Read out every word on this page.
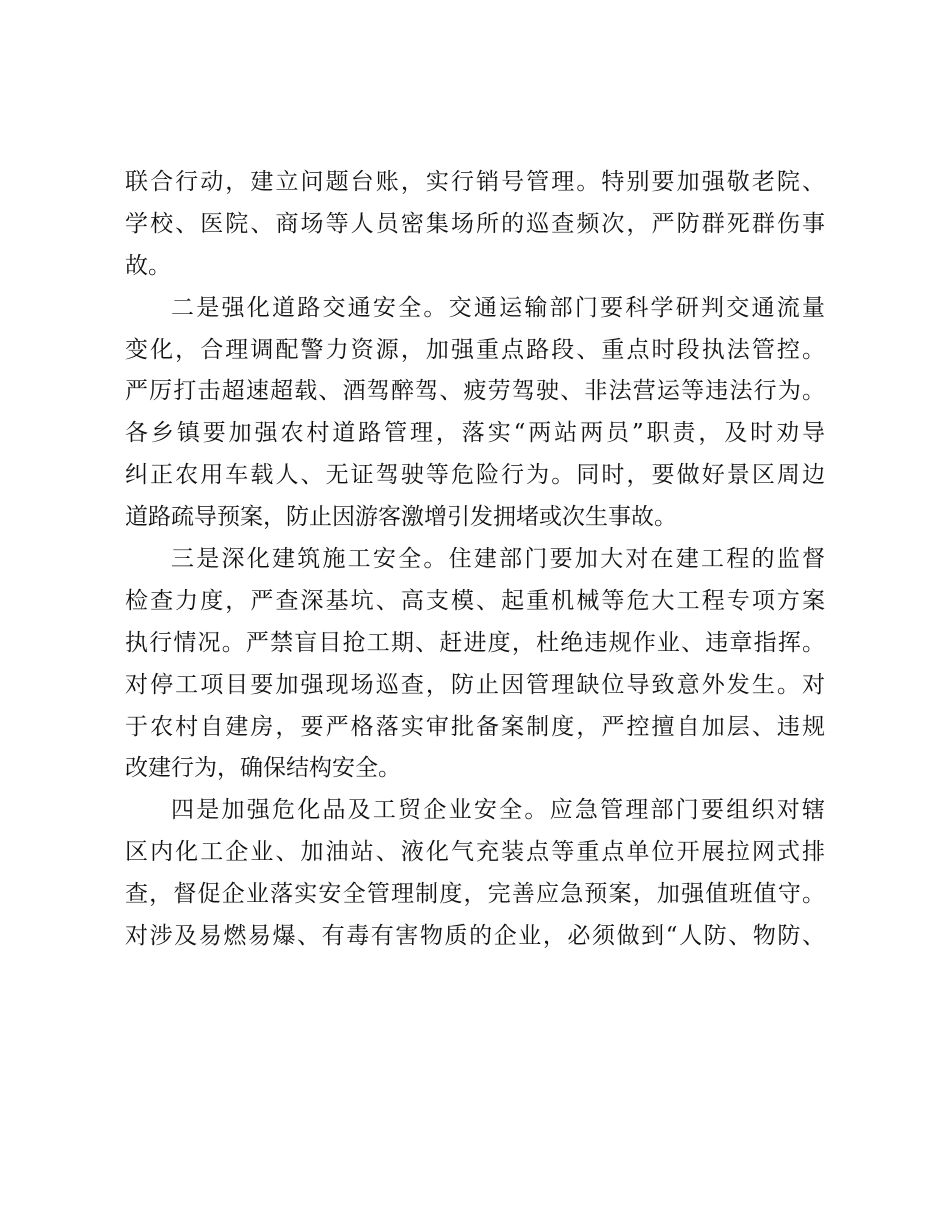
联合行动，建立问题台账，实行销号管理。特别要加强敬老院、
学校、医院、商场等人员密集场所的巡查频次，严防群死群伤事
故。
二是强化道路交通安全。交通运输部门要科学研判交通流量
变化，合理调配警力资源，加强重点路段、重点时段执法管控。
严厉打击超速超载、酒驾醉驾、疲劳驾驶、非法营运等违法行为。
各乡镇要加强农村道路管理，落实“两站两员”职责，及时劝导
纠正农用车载人、无证驾驶等危险行为。同时，要做好景区周边
道路疏导预案，防止因游客激增引发拥堵或次生事故。
三是深化建筑施工安全。住建部门要加大对在建工程的监督
检查力度，严查深基坑、高支模、起重机械等危大工程专项方案
执行情况。严禁盲目抢工期、赶进度，杜绝违规作业、违章指挥。
对停工项目要加强现场巡查，防止因管理缺位导致意外发生。对
于农村自建房，要严格落实审批备案制度，严控擅自加层、违规
改建行为，确保结构安全。
四是加强危化品及工贸企业安全。应急管理部门要组织对辖
区内化工企业、加油站、液化气充装点等重点单位开展拉网式排
查，督促企业落实安全管理制度，完善应急预案，加强值班值守。
对涉及易燃易爆、有毒有害物质的企业，必须做到“人防、物防、
